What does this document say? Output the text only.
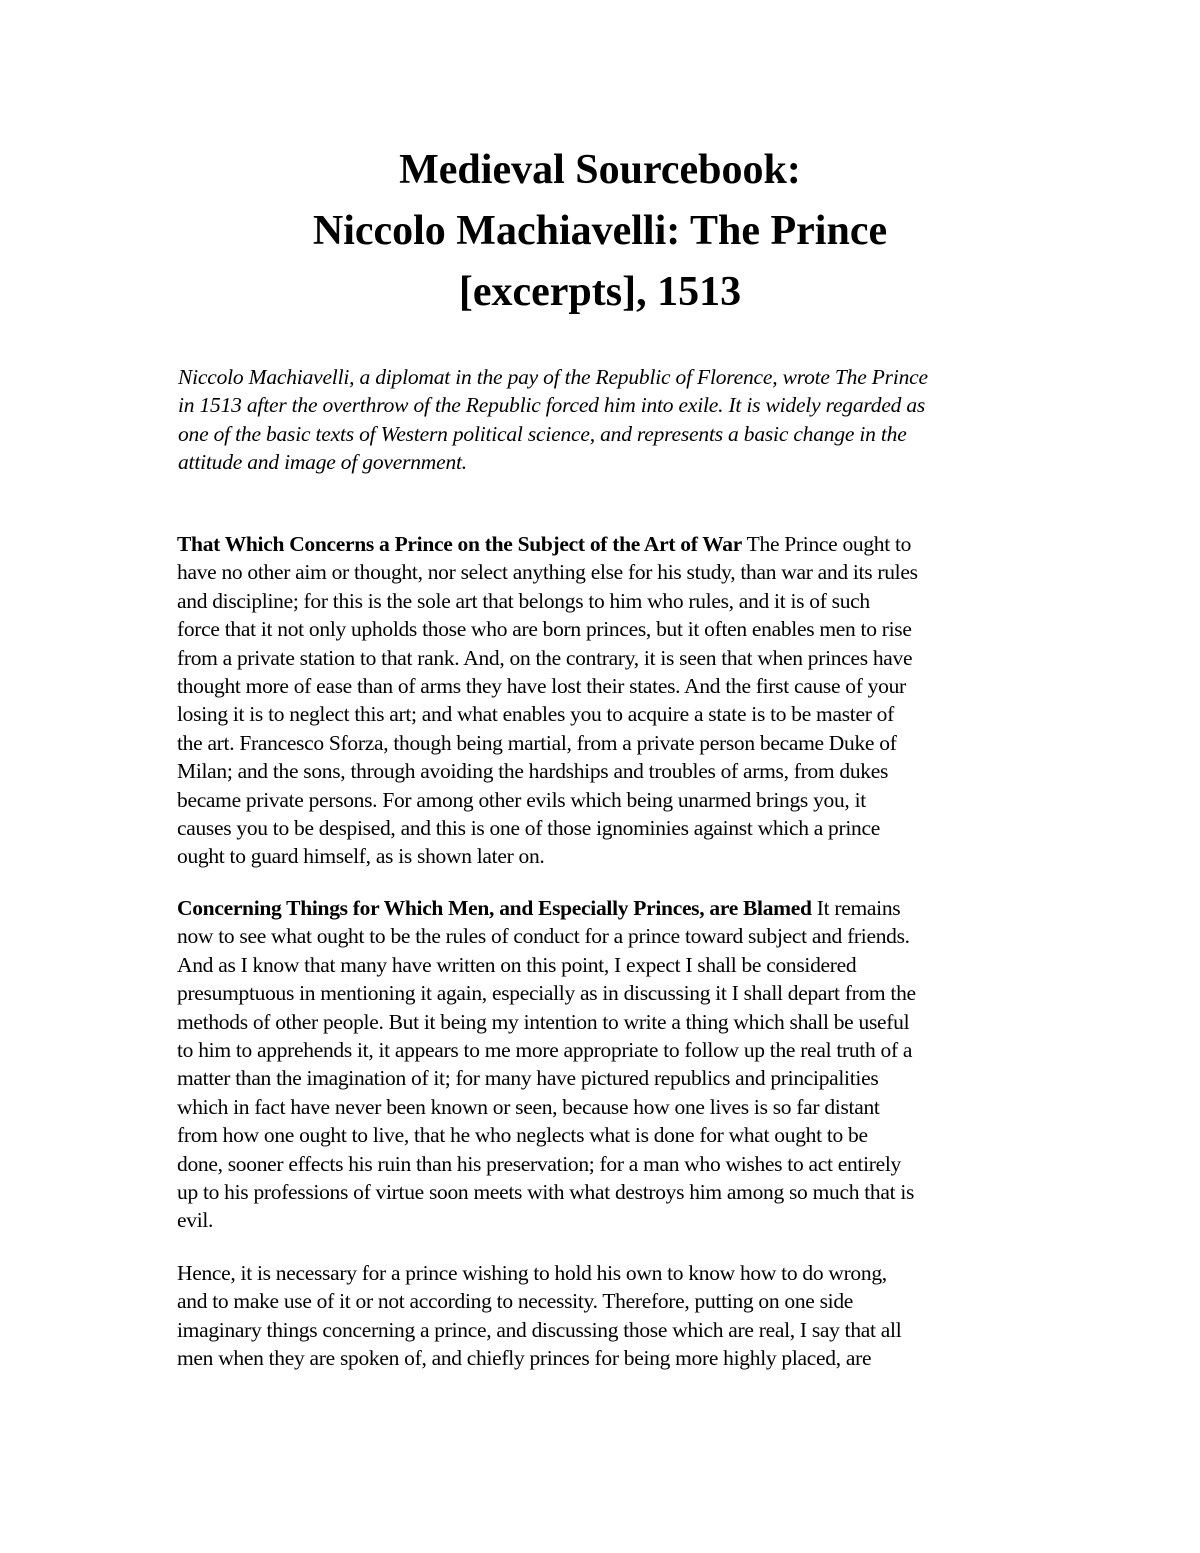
Medieval Sourcebook:
Niccolo Machiavelli: The Prince
[excerpts], 1513
Niccolo Machiavelli, a diplomat in the pay of the Republic of Florence, wrote The Prince
in 1513 after the overthrow of the Republic forced him into exile. It is widely regarded as
one of the basic texts of Western political science, and represents a basic change in the
attitude and image of government.
That Which Concerns a Prince on the Subject of the Art of War The Prince ought to
have no other aim or thought, nor select anything else for his study, than war and its rules
and discipline; for this is the sole art that belongs to him who rules, and it is of such
force that it not only upholds those who are born princes, but it often enables men to rise
from a private station to that rank. And, on the contrary, it is seen that when princes have
thought more of ease than of arms they have lost their states. And the first cause of your
losing it is to neglect this art; and what enables you to acquire a state is to be master of
the art. Francesco Sforza, though being martial, from a private person became Duke of
Milan; and the sons, through avoiding the hardships and troubles of arms, from dukes
became private persons. For among other evils which being unarmed brings you, it
causes you to be despised, and this is one of those ignominies against which a prince
ought to guard himself, as is shown later on.
Concerning Things for Which Men, and Especially Princes, are Blamed It remains
now to see what ought to be the rules of conduct for a prince toward subject and friends.
And as I know that many have written on this point, I expect I shall be considered
presumptuous in mentioning it again, especially as in discussing it I shall depart from the
methods of other people. But it being my intention to write a thing which shall be useful
to him to apprehends it, it appears to me more appropriate to follow up the real truth of a
matter than the imagination of it; for many have pictured republics and principalities
which in fact have never been known or seen, because how one lives is so far distant
from how one ought to live, that he who neglects what is done for what ought to be
done, sooner effects his ruin than his preservation; for a man who wishes to act entirely
up to his professions of virtue soon meets with what destroys him among so much that is
evil.
Hence, it is necessary for a prince wishing to hold his own to know how to do wrong,
and to make use of it or not according to necessity. Therefore, putting on one side
imaginary things concerning a prince, and discussing those which are real, I say that all
men when they are spoken of, and chiefly princes for being more highly placed, are
